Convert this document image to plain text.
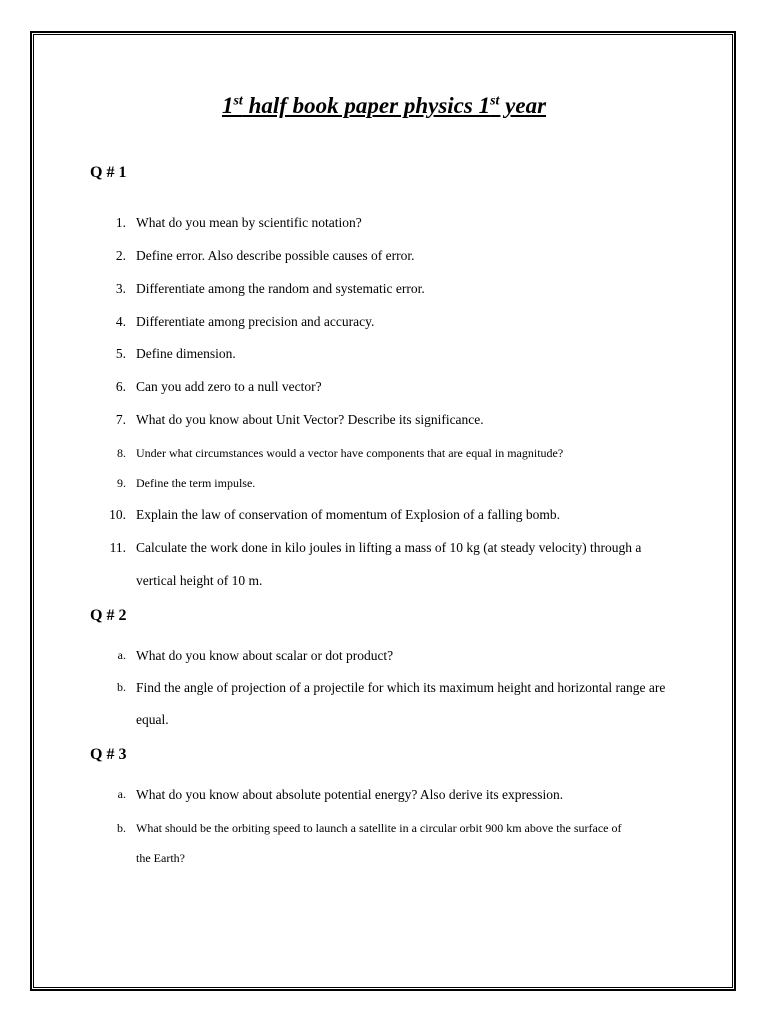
1st half book paper physics 1st year
Q # 1
1. What do you mean by scientific notation?
2. Define error. Also describe possible causes of error.
3. Differentiate among the random and systematic error.
4. Differentiate among precision and accuracy.
5. Define dimension.
6. Can you add zero to a null vector?
7. What do you know about Unit Vector? Describe its significance.
8. Under what circumstances would a vector have components that are equal in magnitude?
9. Define the term impulse.
10. Explain the law of conservation of momentum of Explosion of a falling bomb.
11. Calculate the work done in kilo joules in lifting a mass of 10 kg (at steady velocity) through a
vertical height of 10 m.
Q # 2
a. What do you know about scalar or dot product?
b. Find the angle of projection of a projectile for which its maximum height and horizontal range are
equal.
Q # 3
a. What do you know about absolute potential energy? Also derive its expression.
b. What should be the orbiting speed to launch a satellite in a circular orbit 900 km above the surface of
the Earth?
